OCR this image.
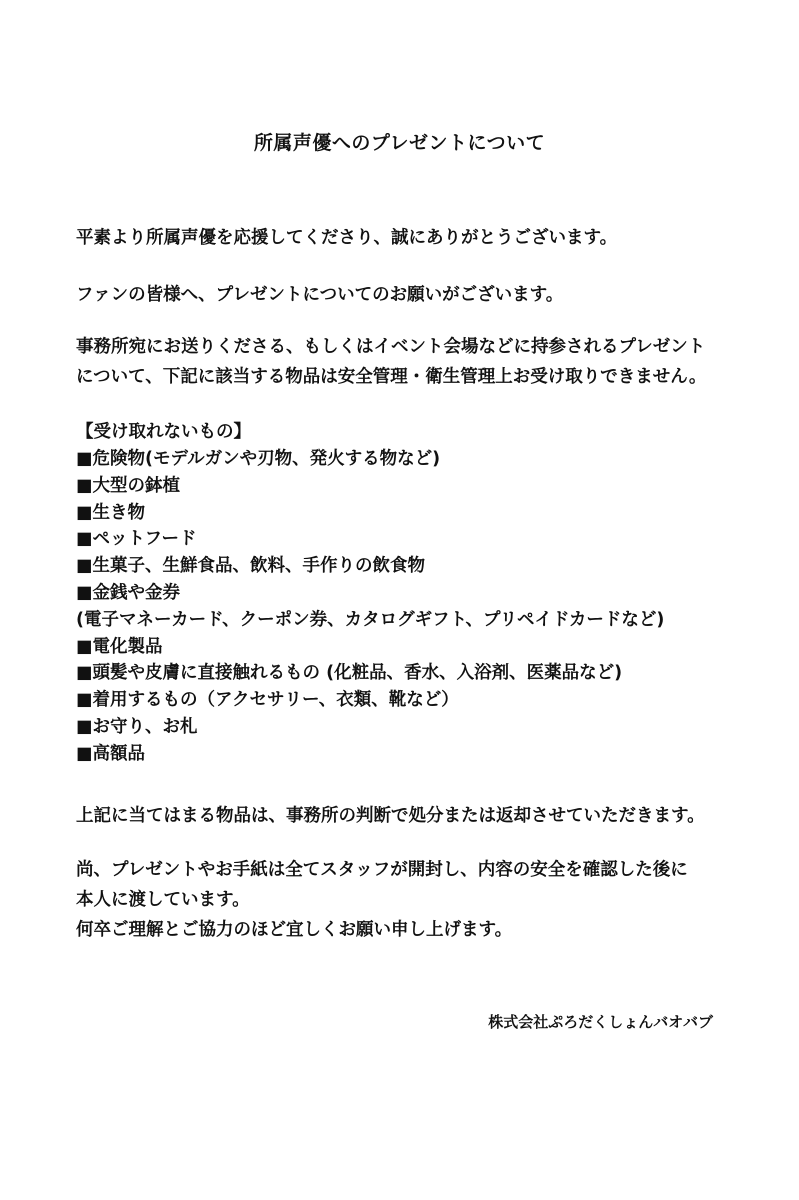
所属声優へのプレゼントについて
平素より所属声優を応援してくださり、誠にありがとうございます。
ファンの皆様へ、プレゼントについてのお願いがございます。
事務所宛にお送りくださる、もしくはイベント会場などに持参されるプレゼント
について、下記に該当する物品は安全管理・衛生管理上お受け取りできません。
【受け取れないもの】
■危険物(モデルガンや刃物、発火する物など)
■大型の鉢植
■生き物
■ペットフード
■生菓子、生鮮食品、飲料、手作りの飲食物
■金銭や金券
(電子マネーカード、クーポン券、カタログギフト、プリペイドカードなど)
■電化製品
■頭髪や皮膚に直接触れるもの (化粧品、香水、入浴剤、医薬品など)
■着用するもの（アクセサリー、衣類、靴など）
■お守り、お札
■高額品
上記に当てはまる物品は、事務所の判断で処分または返却させていただきます。
尚、プレゼントやお手紙は全てスタッフが開封し、内容の安全を確認した後に
本人に渡しています。
何卒ご理解とご協力のほど宜しくお願い申し上げます。
株式会社ぷろだくしょんバオバブ
